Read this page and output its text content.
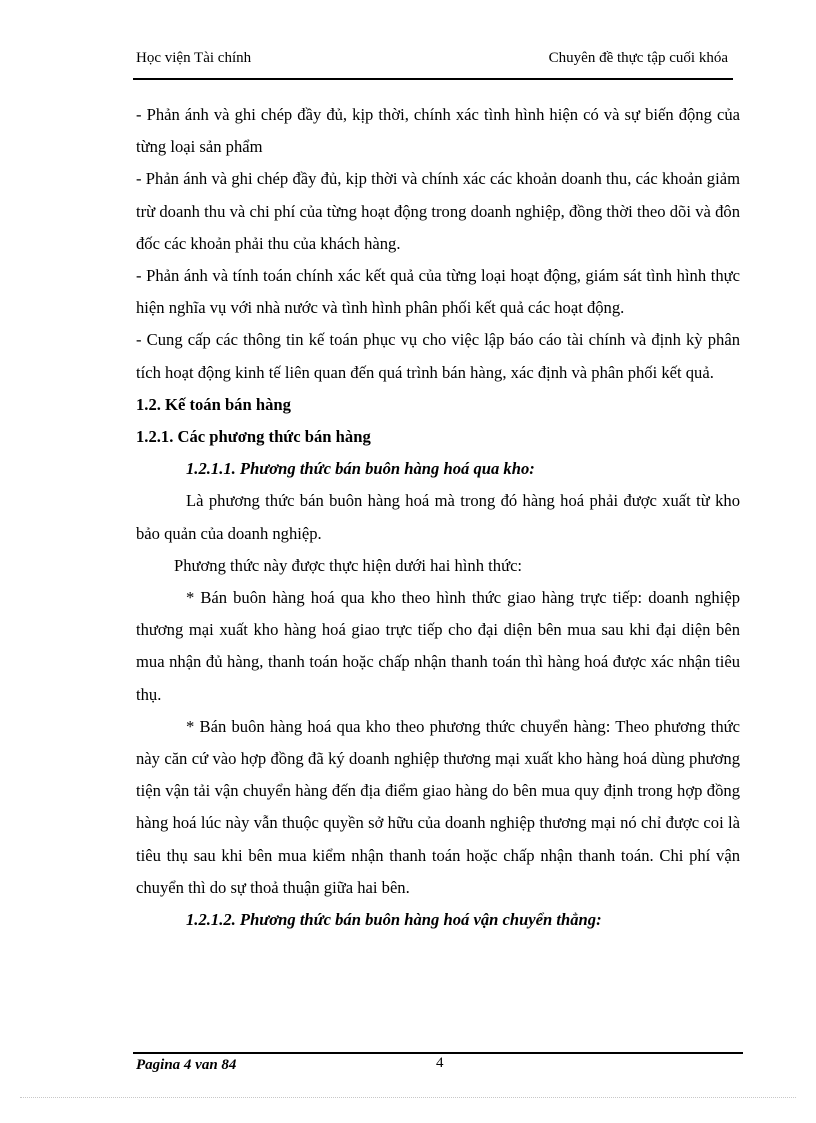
Học viện Tài chính	Chuyên đề thực tập cuối khóa

- Phản ánh và ghi chép đầy đủ, kịp thời, chính xác tình hình hiện có và sự biến động của từng loại sản phẩm

- Phản ánh và ghi chép đầy đủ, kịp thời và chính xác các khoản doanh thu, các khoản giảm trừ doanh thu và chi phí của từng hoạt động trong doanh nghiệp, đồng thời theo dõi và đôn đốc các khoản phải thu của khách hàng.

- Phản ánh và tính toán chính xác kết quả của từng loại hoạt động, giám sát tình hình thực hiện nghĩa vụ với nhà nước và tình hình phân phối kết quả các hoạt động.

- Cung cấp các thông tin kế toán phục vụ cho việc lập báo cáo tài chính và định kỳ phân tích hoạt động kinh tế liên quan đến quá trình bán hàng, xác định và phân phối kết quả.

1.2. Kế toán bán hàng

1.2.1. Các phương thức bán hàng

1.2.1.1. Phương thức bán buôn hàng hoá qua kho:

Là phương thức bán buôn hàng hoá mà trong đó hàng hoá phải được xuất từ kho bảo quản của doanh nghiệp.

Phương thức này được thực hiện dưới hai hình thức:

* Bán buôn hàng hoá qua kho theo hình thức giao hàng trực tiếp: doanh nghiệp thương mại xuất kho hàng hoá giao trực tiếp cho đại diện bên mua sau khi đại diện bên mua nhận đủ hàng, thanh toán hoặc chấp nhận thanh toán thì hàng hoá được xác nhận tiêu thụ.

* Bán buôn hàng hoá qua kho theo phương thức chuyển hàng: Theo phương thức này căn cứ vào hợp đồng đã ký doanh nghiệp thương mại xuất kho hàng hoá dùng phương tiện vận tải vận chuyển hàng đến địa điểm giao hàng do bên mua quy định trong hợp đồng hàng hoá lúc này vẫn thuộc quyền sở hữu của doanh nghiệp thương mại nó chỉ được coi là tiêu thụ sau khi bên mua kiểm nhận thanh toán hoặc chấp nhận thanh toán. Chi phí vận chuyển thì do sự thoả thuận giữa hai bên.

1.2.1.2. Phương thức bán buôn hàng hoá vận chuyển thẳng:

Pagina 4 van 84	4
